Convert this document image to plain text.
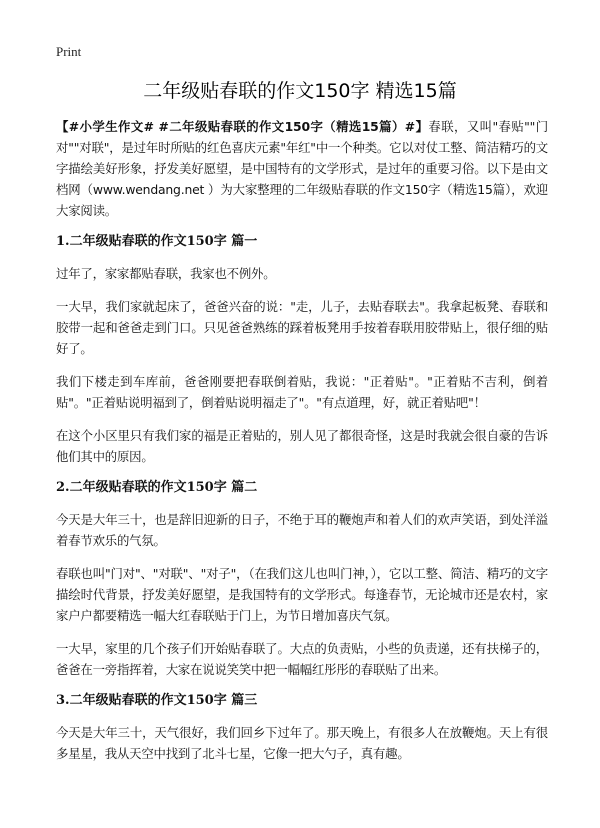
Print
二年级贴春联的作文150字 精选15篇

【#小学生作文# #二年级贴春联的作文150字（精选15篇）#】春联，又叫"春贴""门对""对联"，是过年时所贴的红色喜庆元素"年红"中一个种类。它以对仗工整、简洁精巧的文字描绘美好形象，抒发美好愿望，是中国特有的文学形式，是过年的重要习俗。以下是由文档网（www.wendang.net ）为大家整理的二年级贴春联的作文150字（精选15篇），欢迎大家阅读。

1.二年级贴春联的作文150字 篇一

过年了，家家都贴春联，我家也不例外。

一大早，我们家就起床了，爸爸兴奋的说："走，儿子，去贴春联去"。我拿起板凳、春联和胶带一起和爸爸走到门口。只见爸爸熟练的踩着板凳用手按着春联用胶带贴上，很仔细的贴好了。

我们下楼走到车库前，爸爸刚要把春联倒着贴，我说："正着贴"。"正着贴不吉利，倒着贴"。"正着贴说明福到了，倒着贴说明福走了"。"有点道理，好，就正着贴吧"！

在这个小区里只有我们家的福是正着贴的，别人见了都很奇怪，这是时我就会很自豪的告诉他们其中的原因。

2.二年级贴春联的作文150字 篇二

今天是大年三十，也是辞旧迎新的日子，不绝于耳的鞭炮声和着人们的欢声笑语，到处洋溢着春节欢乐的气氛。

春联也叫"门对"、"对联"、"对子"，（在我们这儿也叫门神，），它以工整、简洁、精巧的文字描绘时代背景，抒发美好愿望，是我国特有的文学形式。每逢春节，无论城市还是农村，家家户户都要精选一幅大红春联贴于门上，为节日增加喜庆气氛。

一大早，家里的几个孩子们开始贴春联了。大点的负责贴，小些的负责递，还有扶梯子的，爸爸在一旁指挥着，大家在说说笑笑中把一幅幅红彤彤的春联贴了出来。

3.二年级贴春联的作文150字 篇三

今天是大年三十，天气很好，我们回乡下过年了。那天晚上，有很多人在放鞭炮。天上有很多星星，我从天空中找到了北斗七星，它像一把大勺子，真有趣。
